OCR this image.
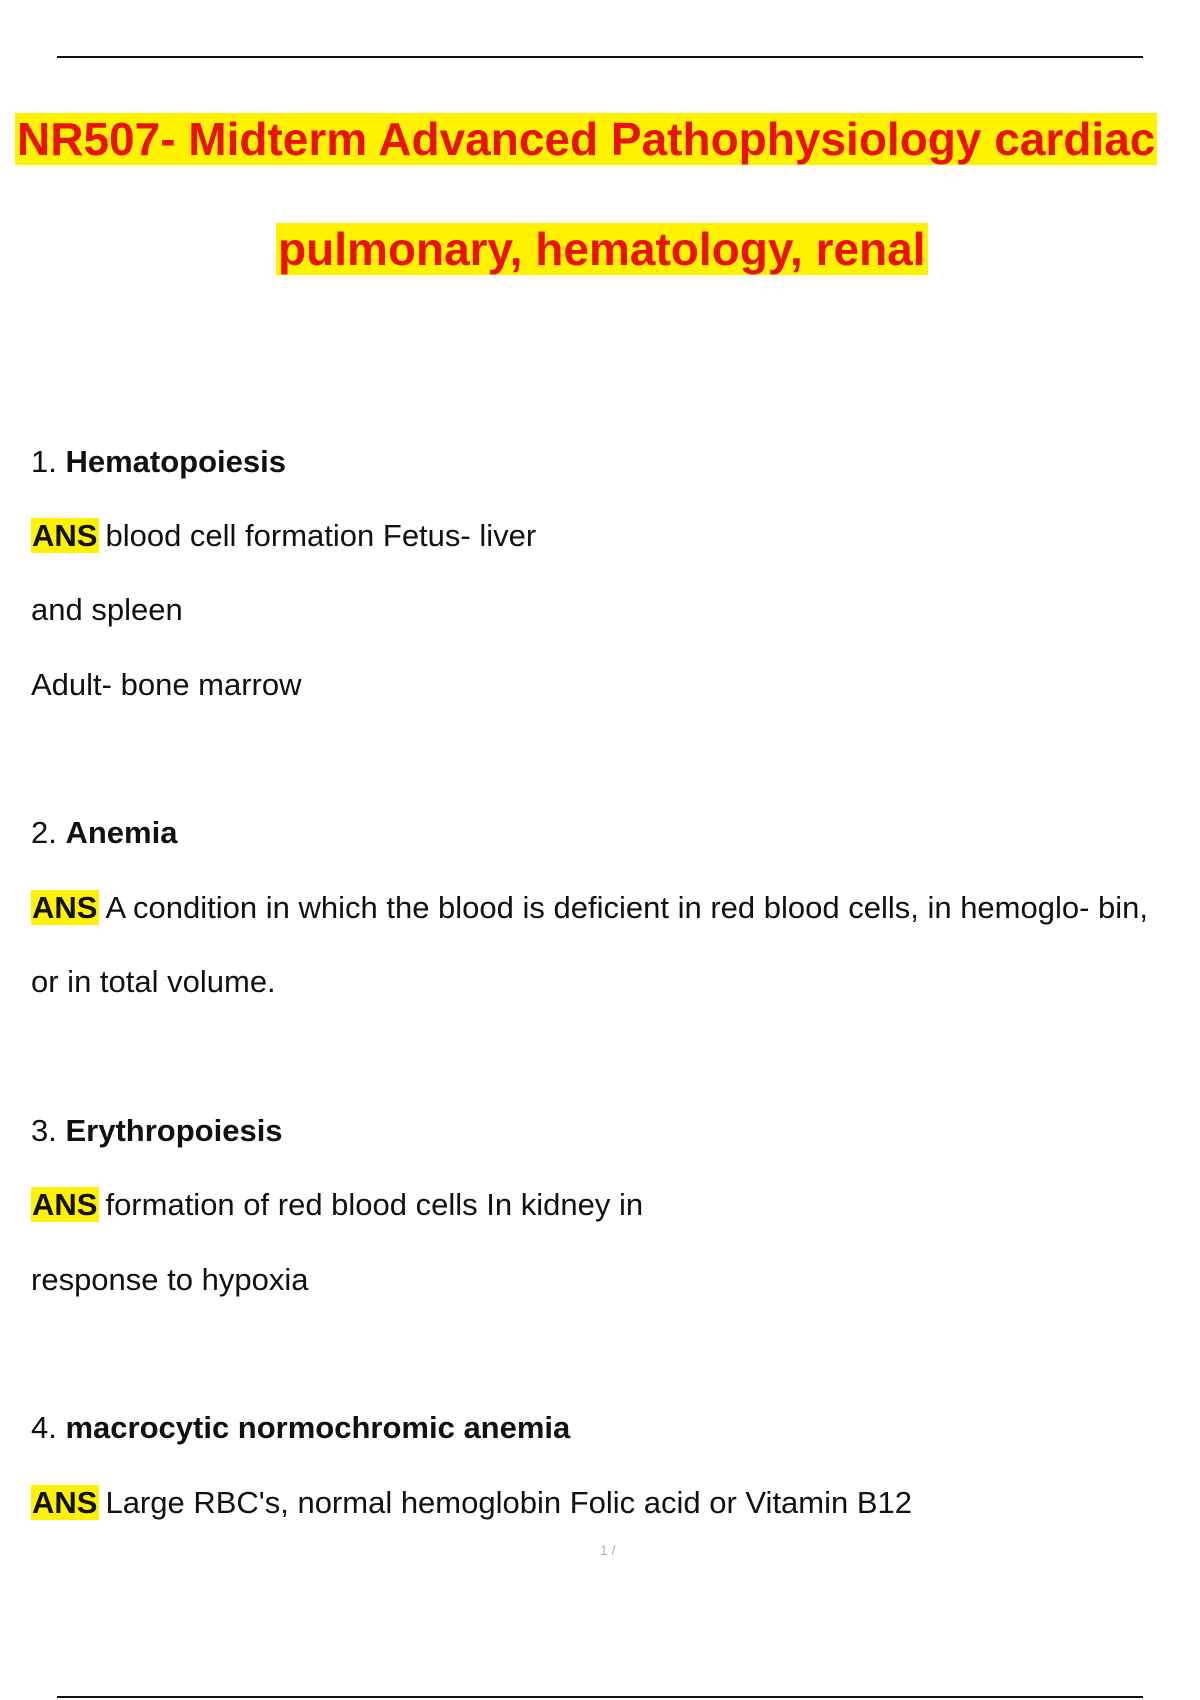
NR507- Midterm Advanced Pathophysiology cardiac
pulmonary, hematology, renal
1. Hematopoiesis
ANS blood cell formation Fetus- liver
and spleen
Adult- bone marrow
2. Anemia
ANS A condition in which the blood is deficient in red blood cells, in hemoglo- bin,
or in total volume.
3. Erythropoiesis
ANS formation of red blood cells In kidney in
response to hypoxia
4. macrocytic normochromic anemia
ANS Large RBC's, normal hemoglobin Folic acid or Vitamin B12
1 /
